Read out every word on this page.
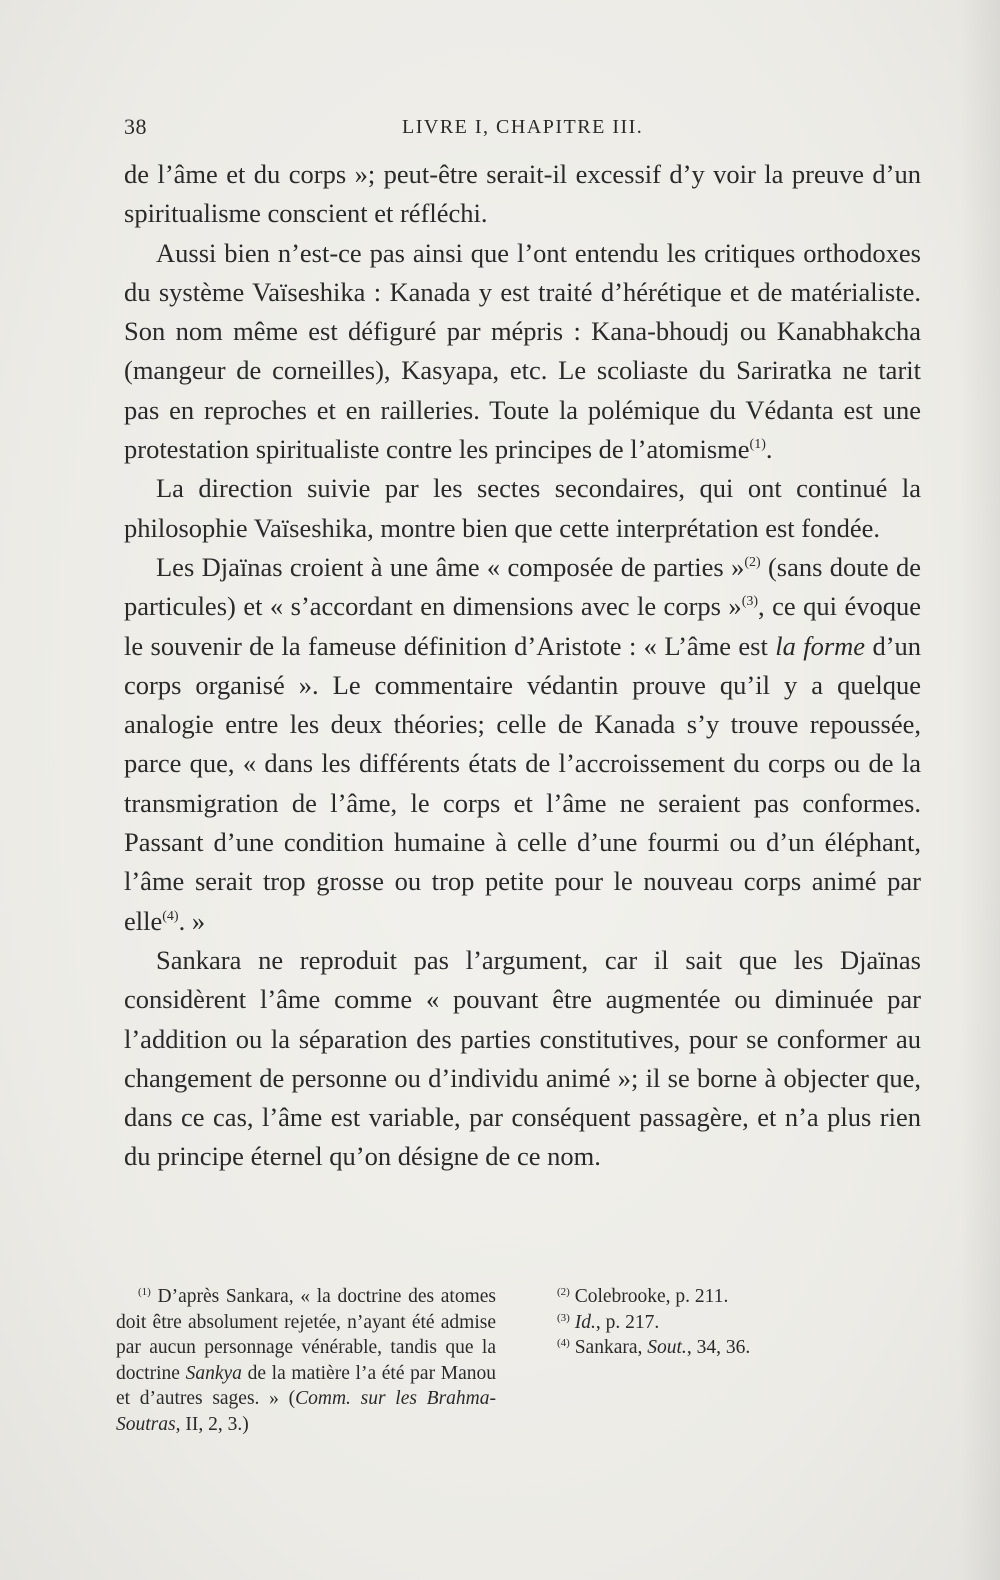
38	LIVRE I, CHAPITRE III.

de l’âme et du corps »; peut-être serait-il excessif d’y voir la preuve d’un spiritualisme conscient et réfléchi.

Aussi bien n’est-ce pas ainsi que l’ont entendu les critiques orthodoxes du système Vaïseshika : Kanada y est traité d’hérétique et de matérialiste. Son nom même est défiguré par mépris : Kana-bhoudj ou Kanabhakcha (mangeur de corneilles), Kasyapa, etc. Le scoliaste du Sariratka ne tarit pas en reproches et en railleries. Toute la polémique du Védanta est une protestation spiritualiste contre les principes de l’atomisme$^{(1)}$.

La direction suivie par les sectes secondaires, qui ont continué la philosophie Vaïseshika, montre bien que cette interprétation est fondée.

Les Djaïnas croient à une âme « composée de parties »$^{(2)}$ (sans doute de particules) et « s’accordant en dimensions avec le corps »$^{(3)}$, ce qui évoque le souvenir de la fameuse définition d’Aristote : « L’âme est la forme d’un corps organisé ». Le commentaire védantin prouve qu’il y a quelque analogie entre les deux théories; celle de Kanada s’y trouve repoussée, parce que, « dans les différents états de l’accroissement du corps ou de la transmigration de l’âme, le corps et l’âme ne seraient pas conformes. Passant d’une condition humaine à celle d’une fourmi ou d’un éléphant, l’âme serait trop grosse ou trop petite pour le nouveau corps animé par elle$^{(4)}$. »

Sankara ne reproduit pas l’argument, car il sait que les Djaïnas considèrent l’âme comme « pouvant être augmentée ou diminuée par l’addition ou la séparation des parties constitutives, pour se conformer au changement de personne ou d’individu animé »; il se borne à objecter que, dans ce cas, l’âme est variable, par conséquent passagère, et n’a plus rien du principe éternel qu’on désigne de ce nom.

$^{(1)}$ D’après Sankara, « la doctrine des atomes doit être absolument rejetée, n’ayant été admise par aucun personnage vénérable, tandis que la doctrine Sankya de la matière l’a été par Manou et d’autres sages. » (Comm. sur les Brahma-Soutras, II, 2, 3.)

$^{(2)}$ Colebrooke, p. 211.

$^{(3)}$ Id., p. 217.

$^{(4)}$ Sankara, Sout., 34, 36.
